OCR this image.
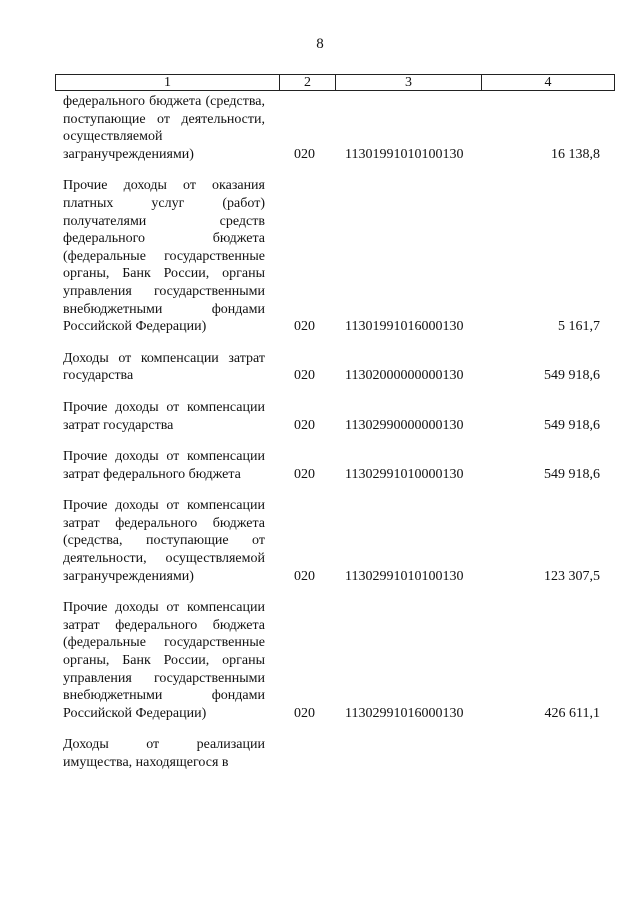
8
1	2	3	4
федерального бюджета (средства, поступающие от деятельности, осуществляемой загранучреждениями)	020 11301991010100130	16 138,8
Прочие доходы от оказания платных услуг (работ) получателями средств федерального бюджета (федеральные государственные органы, Банк России, органы управления государственными внебюджетными фондами Российской Федерации)	020 11301991016000130	5 161,7
Доходы от компенсации затрат государства	020 11302000000000130	549 918,6
Прочие доходы от компенсации затрат государства	020 11302990000000130	549 918,6
Прочие доходы от компенсации затрат федерального бюджета	020 11302991010000130	549 918,6
Прочие доходы от компенсации затрат федерального бюджета (средства, поступающие от деятельности, осуществляемой загранучреждениями)	020 11302991010100130	123 307,5
Прочие доходы от компенсации затрат федерального бюджета (федеральные государственные органы, Банк России, органы управления государственными внебюджетными фондами Российской Федерации)	020 11302991016000130	426 611,1
Доходы от реализации имущества, находящегося в
